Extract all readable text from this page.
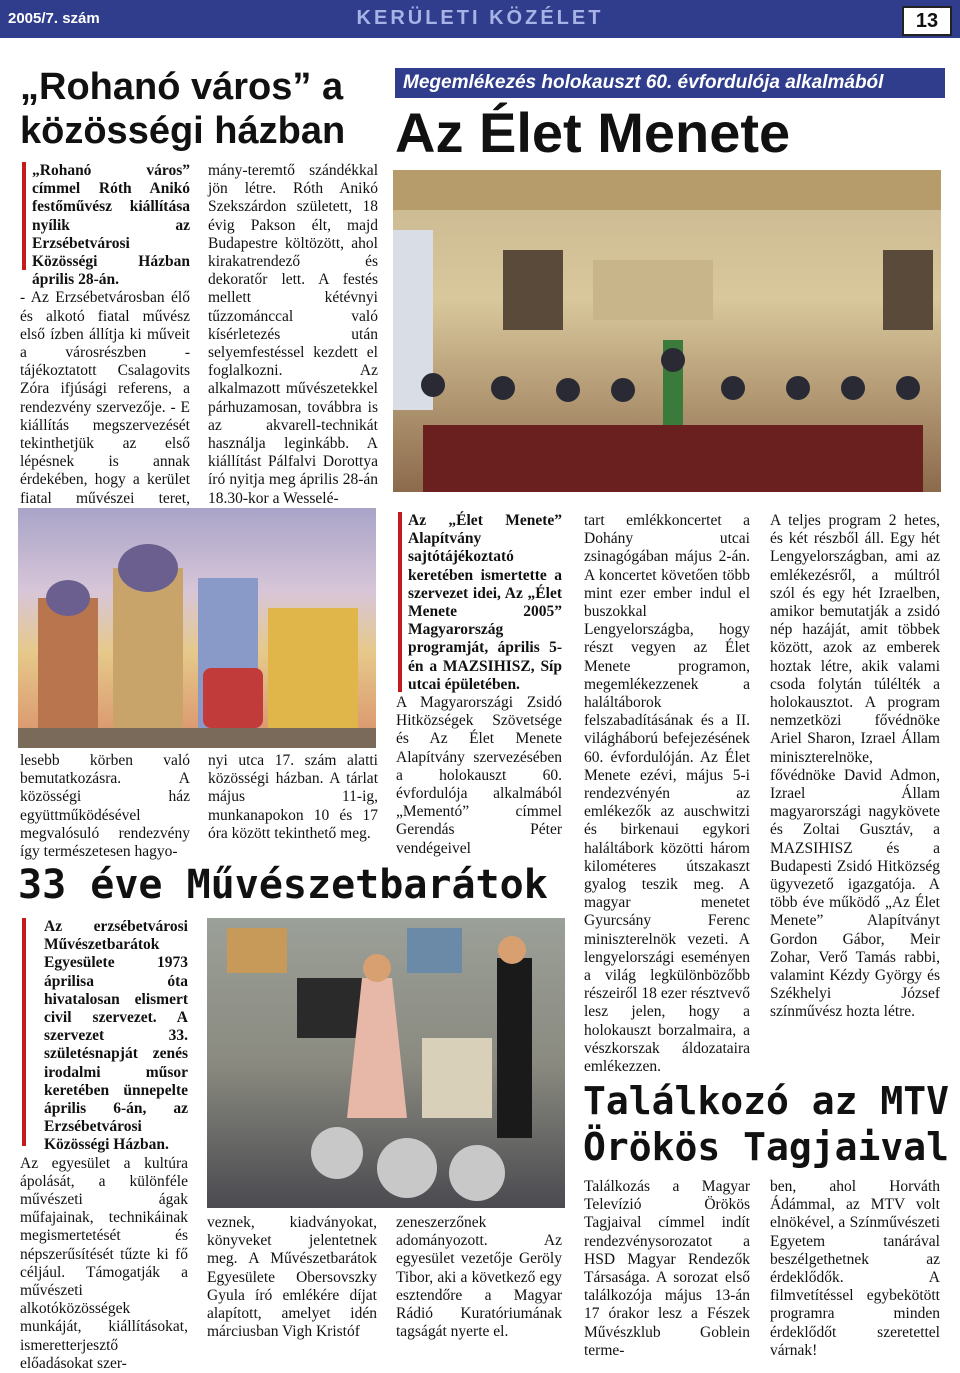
2005/7. szám	KERÜLETI KÖZÉLET	13
„Rohanó város” a közösségi házban
„Rohanó város” címmel Róth Anikó festőművész kiállítása nyílik az Erzsébetvárosi Közösségi Házban április 28-án.
- Az Erzsébetvárosban élő és alkotó fiatal művész első ízben állítja ki műveit a városrészben - tájékoztatott Csalagovits Zóra ifjúsági referens, a rendezvény szervezője. - E kiállítás megszervezését tekinthetjük az első lépésnek is annak érdekében, hogy a kerület fiatal művészei teret,
mány-teremtő szándékkal jön létre. Róth Anikó Szekszárdon született, 18 évig Pakson élt, majd Budapestre költözött, ahol kirakatrendező és dekoratőr lett. A festés mellett kétévnyi tűzzománccal való kísérletezés után selyemfestéssel kezdett el foglalkozni. Az alkalmazott művészetekkel párhuzamosan, továbbra is az akvarell-technikát használja leginkább. A kiállítást Pálfalvi Dorottya író nyitja meg április 28-án 18.30-kor a Wesselé-
lesebb körben való bemutatkozásra. A közösségi ház együttműködésével megvalósuló rendezvény így természetesen hagyo-
nyi utca 17. szám alatti közösségi házban. A tárlat május 11-ig, munkanapokon 10 és 17 óra között tekinthető meg.
Megemlékezés holokauszt 60. évfordulója alkalmából
Az Élet Menete
Az „Élet Menete” Alapítvány sajtótájékoztató keretében ismertette a szervezet idei, Az „Élet Menete 2005” Magyarország programját, április 5-én a MAZSIHISZ, Síp utcai épületében.
A Magyarországi Zsidó Hitközségek Szövetsége és Az Élet Menete Alapítvány szervezésében a holokauszt 60. évfordulója alkalmából „Mementó” címmel Gerendás Péter vendégeivel
tart emlékkoncertet a Dohány utcai zsinagógában május 2-án. A koncertet követően több mint ezer ember indul el buszokkal Lengyelországba, hogy részt vegyen az Élet Menete programon, megemlékezzenek a haláltáborok felszabadításának és a II. világháború befejezésének 60. évfordulóján. Az Élet Menete ezévi, május 5-i rendezvényén az emlékezők az auschwitzi és birkenaui egykori haláltábork közötti három kilométeres útszakaszt gyalog teszik meg. A magyar menetet Gyurcsány Ferenc miniszterelnök vezeti. A lengyelországi eseményen a világ legkülönbözőbb részeiről 18 ezer résztvevő lesz jelen, hogy a holokauszt borzalmaira, a vészkorszak áldozataira emlékezzen.
A teljes program 2 hetes, és két részből áll. Egy hét Lengyelországban, ami az emlékezésről, a múltról szól és egy hét Izraelben, amikor bemutatják a zsidó nép hazáját, amit többek között, azok az emberek hoztak létre, akik valami csoda folytán túlélték a holokausztot. A program nemzetközi fővédnöke Ariel Sharon, Izrael Állam miniszterelnöke, fővédnöke David Admon, Izrael Állam magyarországi nagykövete és Zoltai Gusztáv, a MAZSIHISZ és a Budapesti Zsidó Hitközség ügyvezető igazgatója. A több éve működő „Az Élet Menete” Alapítványt Gordon Gábor, Meir Zohar, Verő Tamás rabbi, valamint Kézdy György és Székhelyi József színművész hozta létre.
33 éve Művészetbarátok
Az erzsébetvárosi Művészetbarátok Egyesülete 1973 áprilisa óta hivatalosan elismert civil szervezet. A szervezet 33. születésnapját zenés irodalmi műsor keretében ünnepelte április 6-án, az Erzsébetvárosi Közösségi Házban.
Az egyesület a kultúra ápolását, a különféle művészeti ágak műfajainak, technikáinak megismertetését és népszerűsítését tűzte ki fő céljául. Támogatják a művészeti alkotóközösségek munkáját, kiállításokat, ismeretterjesztő előadásokat szer-
veznek, kiadványokat, könyveket jelentetnek meg. A Művészetbarátok Egyesülete Obersovszky Gyula író emlékére díjat alapított, amelyet idén márciusban Vigh Kristóf
zeneszerzőnek adományozott. Az egyesület vezetője Geröly Tibor, aki a következő egy esztendőre a Magyar Rádió Kuratóriumának tagságát nyerte el.
Találkozó az MTV Örökös Tagjaival
Találkozás a Magyar Televízió Örökös Tagjaival címmel indít rendezvénysorozatot a HSD Magyar Rendezők Társasága. A sorozat első találkozója május 13-án 17 órakor lesz a Fészek Művészklub Goblein terme-
ben, ahol Horváth Ádámmal, az MTV volt elnökével, a Színművészeti Egyetem tanárával beszélgethetnek az érdeklődők. A filmvetítéssel egybekötött programra minden érdeklődőt szeretettel várnak!
